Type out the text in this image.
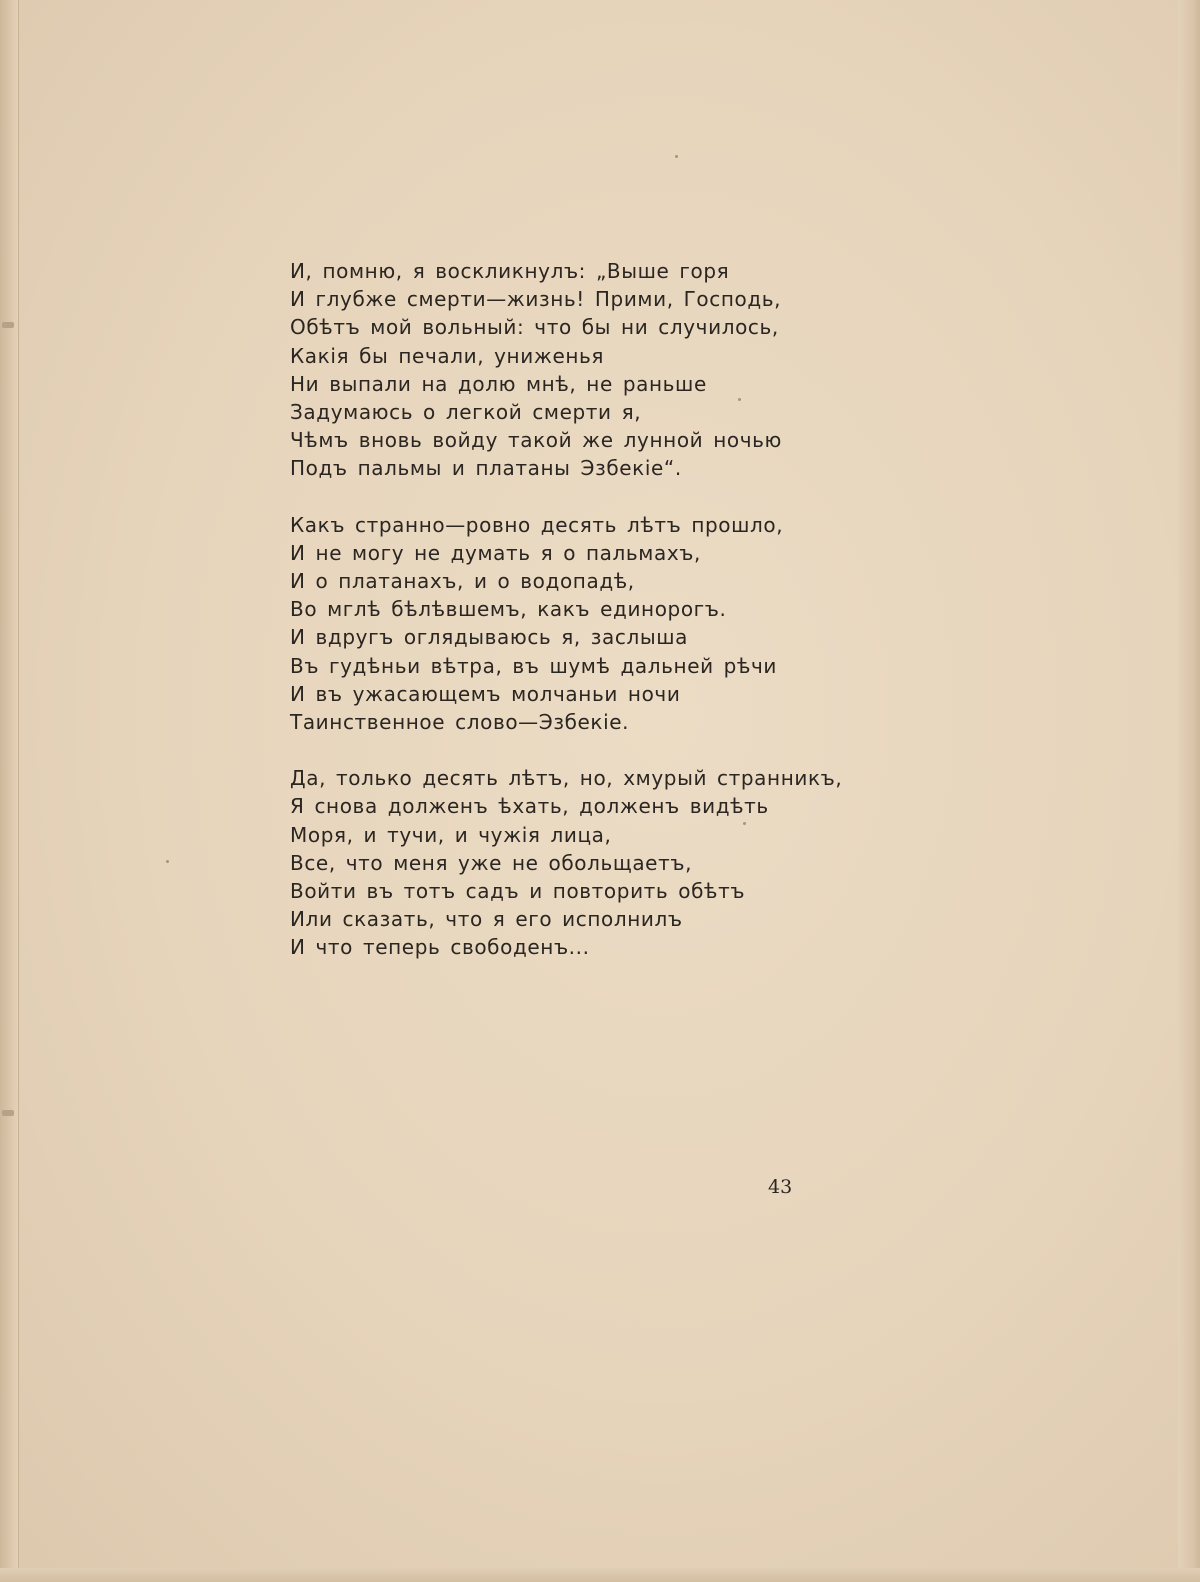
И, помню, я воскликнулъ: „Выше горя
И глубже смерти—жизнь! Прими, Господь,
Обѣтъ мой вольный: что бы ни случилось,
Какія бы печали, униженья
Ни выпали на долю мнѣ, не раньше
Задумаюсь о легкой смерти я,
Чѣмъ вновь войду такой же лунной ночью
Подъ пальмы и платаны Эзбекіе“.
Какъ странно—ровно десять лѣтъ прошло,
И не могу не думать я о пальмахъ,
И о платанахъ, и о водопадѣ,
Во мглѣ бѣлѣвшемъ, какъ единорогъ.
И вдругъ оглядываюсь я, заслыша
Въ гудѣньи вѣтра, въ шумѣ дальней рѣчи
И въ ужасающемъ молчаньи ночи
Таинственное слово—Эзбекіе.
Да, только десять лѣтъ, но, хмурый странникъ,
Я снова долженъ ѣхать, долженъ видѣть
Моря, и тучи, и чужія лица,
Все, что меня уже не обольщаетъ,
Войти въ тотъ садъ и повторить обѣтъ
Или сказать, что я его исполнилъ
И что теперь свободенъ...
43
